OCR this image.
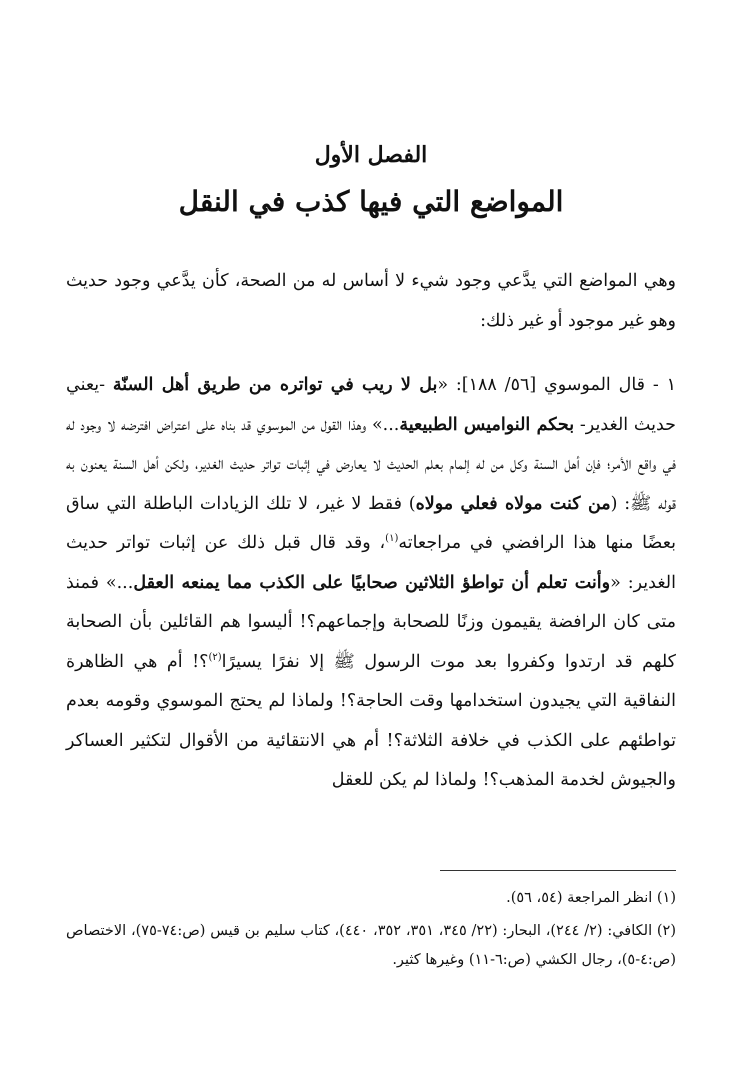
الفصل الأول
المواضع التي فيها كذب في النقل

وهي المواضع التي يدَّعي وجود شيء لا أساس له من الصحة، كأن يدَّعي وجود حديث وهو غير موجود أو غير ذلك:

١ - قال الموسوي [٥٦/ ١٨٨]: «بل لا ريب في تواتره من طريق أهل السنّة -يعني حديث الغدير- بحكم النواميس الطبيعية...» وهذا القول من الموسوي قد بناه على اعتراض افترضه لا وجود له في واقع الأمر؛ فإن أهل السنة وكل من له إلمام بعلم الحديث لا يعارض في إثبات تواتر حديث الغدير، ولكن أهل السنة يعنون به قوله ﷺ: (من كنت مولاه فعلي مولاه) فقط لا غير، لا تلك الزيادات الباطلة التي ساق بعضًا منها هذا الرافضي في مراجعاته$^{(١)}$، وقد قال قبل ذلك عن إثبات تواتر حديث الغدير: «وأنت تعلم أن تواطؤ الثلاثين صحابيًا على الكذب مما يمنعه العقل...» فمنذ متى كان الرافضة يقيمون وزنًا للصحابة وإجماعهم؟! أليسوا هم القائلين بأن الصحابة كلهم قد ارتدوا وكفروا بعد موت الرسول ﷺ إلا نفرًا يسيرًا$^{(٢)}$؟! أم هي الظاهرة النفاقية التي يجيدون استخدامها وقت الحاجة؟! ولماذا لم يحتج الموسوي وقومه بعدم تواطئهم على الكذب في خلافة الثلاثة؟! أم هي الانتقائية من الأقوال لتكثير العساكر والجيوش لخدمة المذهب؟! ولماذا لم يكن للعقل

(١) انظر المراجعة (٥٤، ٥٦).

(٢) الكافي: (٢/ ٢٤٤)، البحار: (٢٢/ ٣٤٥، ٣٥١، ٣٥٢، ٤٤٠)، كتاب سليم بن قيس (ص:٧٤-٧٥)، الاختصاص (ص:٤-٥)، رجال الكشي (ص:٦-١١) وغيرها كثير.
